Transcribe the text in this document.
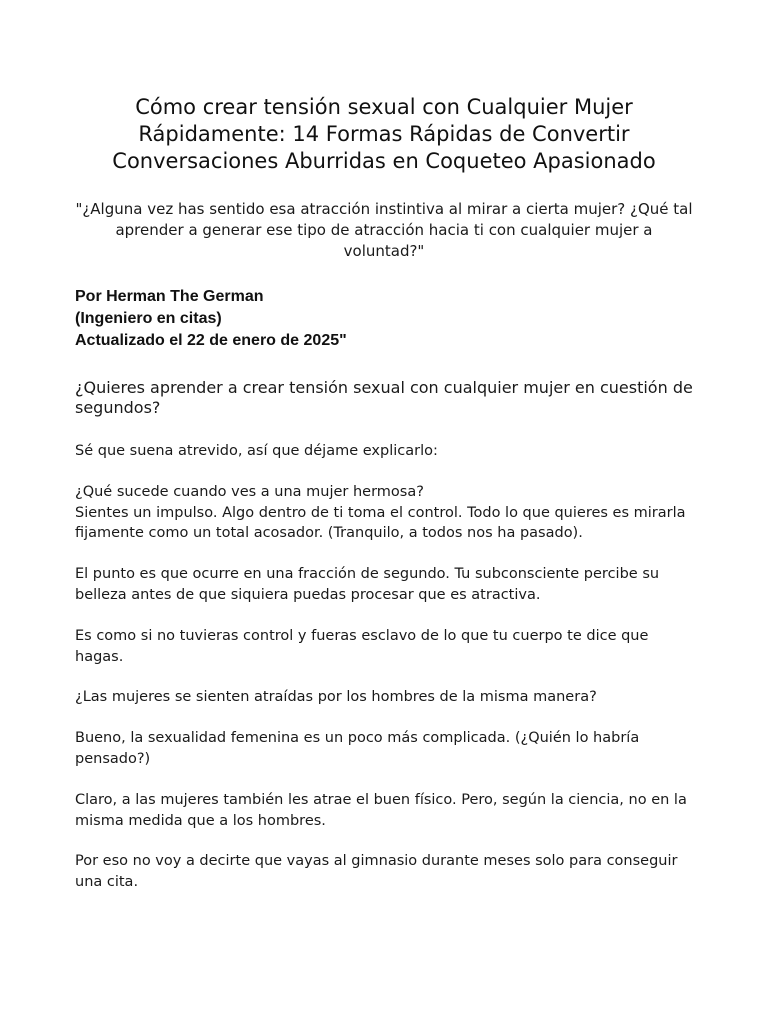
Cómo crear tensión sexual con Cualquier Mujer Rápidamente: 14 Formas Rápidas de Convertir Conversaciones Aburridas en Coqueteo Apasionado

"¿Alguna vez has sentido esa atracción instintiva al mirar a cierta mujer? ¿Qué tal aprender a generar ese tipo de atracción hacia ti con cualquier mujer a voluntad?"

Por Herman The German
(Ingeniero en citas)
Actualizado el 22 de enero de 2025"

¿Quieres aprender a crear tensión sexual con cualquier mujer en cuestión de segundos?

Sé que suena atrevido, así que déjame explicarlo:

¿Qué sucede cuando ves a una mujer hermosa?
Sientes un impulso. Algo dentro de ti toma el control. Todo lo que quieres es mirarla fijamente como un total acosador. (Tranquilo, a todos nos ha pasado).

El punto es que ocurre en una fracción de segundo. Tu subconsciente percibe su belleza antes de que siquiera puedas procesar que es atractiva.

Es como si no tuvieras control y fueras esclavo de lo que tu cuerpo te dice que hagas.

¿Las mujeres se sienten atraídas por los hombres de la misma manera?

Bueno, la sexualidad femenina es un poco más complicada. (¿Quién lo habría pensado?)

Claro, a las mujeres también les atrae el buen físico. Pero, según la ciencia, no en la misma medida que a los hombres.

Por eso no voy a decirte que vayas al gimnasio durante meses solo para conseguir una cita.
